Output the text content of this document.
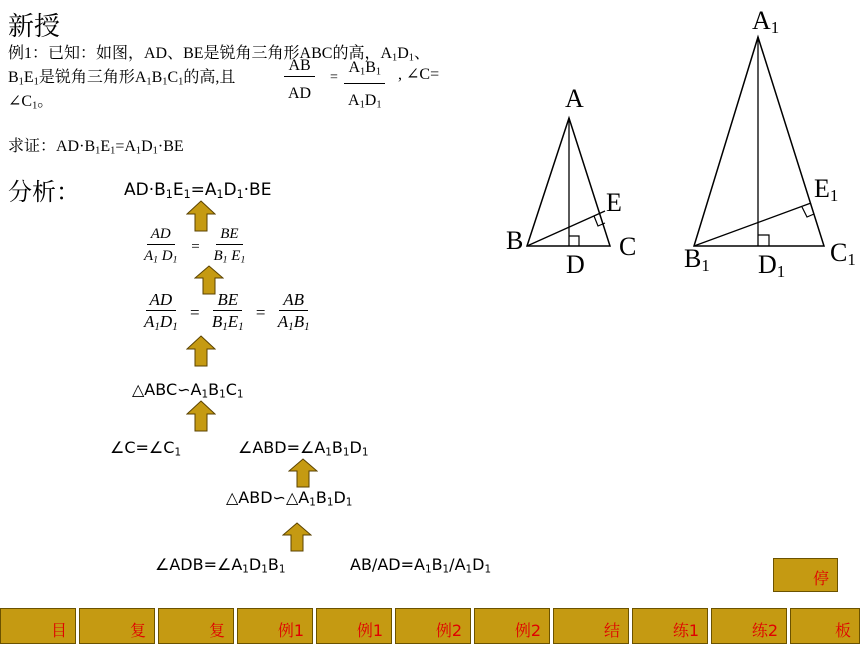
新授
例1：已知：如图，AD、BE是锐角三角形ABC的高，$A_1D_1$、
$B_1E_1$是锐角三角形$A_1B_1C_1$的高,且	$\frac{AB}{AD} = \frac{A_1B_1}{A_1D_1}$ , ∠C=
$\angle C_1$。
求证：$AD\cdot B_1E_1=A_1D_1\cdot BE$
分析：	$AD\cdot B_1E_1=A_1D_1\cdot BE$
$\frac{AD}{A_1 D_1} = \frac{BE}{B_1 E_1}$
$\frac{AD}{A_1D_1} = \frac{BE}{B_1E_1} = \frac{AB}{A_1B_1}$
$\triangle ABC∽A_1B_1C_1$
$\angle C=\angle C_1$	$\angle ABD=\angle A_1B_1D_1$
$\triangle ABD∽\triangle A_1B_1D_1$
$\angle ADB=\angle A_1D_1B_1$	$AB/AD=A_1B_1/A_1D_1$
A
B	C
D
E
$A_1$
$B_1$	$C_1$
$D_1$
$E_1$
停
目	复	复	例1	例1	例2	例2	结	练1	练2	板
